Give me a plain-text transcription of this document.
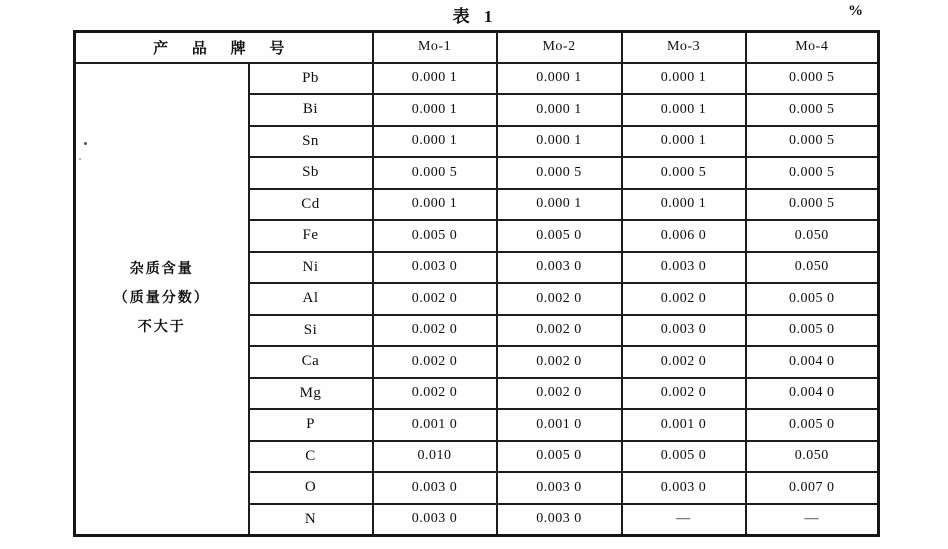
表 1	%
产 品 牌 号		Mo-1	Mo-2	Mo-3	Mo-4

杂质含量
（质量分数）
不大于	Pb	0.000 1	0.000 1	0.000 1	0.000 5
	Bi	0.000 1	0.000 1	0.000 1	0.000 5
	Sn	0.000 1	0.000 1	0.000 1	0.000 5
	Sb	0.000 5	0.000 5	0.000 5	0.000 5
	Cd	0.000 1	0.000 1	0.000 1	0.000 5
	Fe	0.005 0	0.005 0	0.006 0	0.050
	Ni	0.003 0	0.003 0	0.003 0	0.050
	Al	0.002 0	0.002 0	0.002 0	0.005 0
	Si	0.002 0	0.002 0	0.003 0	0.005 0
	Ca	0.002 0	0.002 0	0.002 0	0.004 0
	Mg	0.002 0	0.002 0	0.002 0	0.004 0
	P	0.001 0	0.001 0	0.001 0	0.005 0
	C	0.010	0.005 0	0.005 0	0.050
	O	0.003 0	0.003 0	0.003 0	0.007 0
	N	0.003 0	0.003 0	—	—
